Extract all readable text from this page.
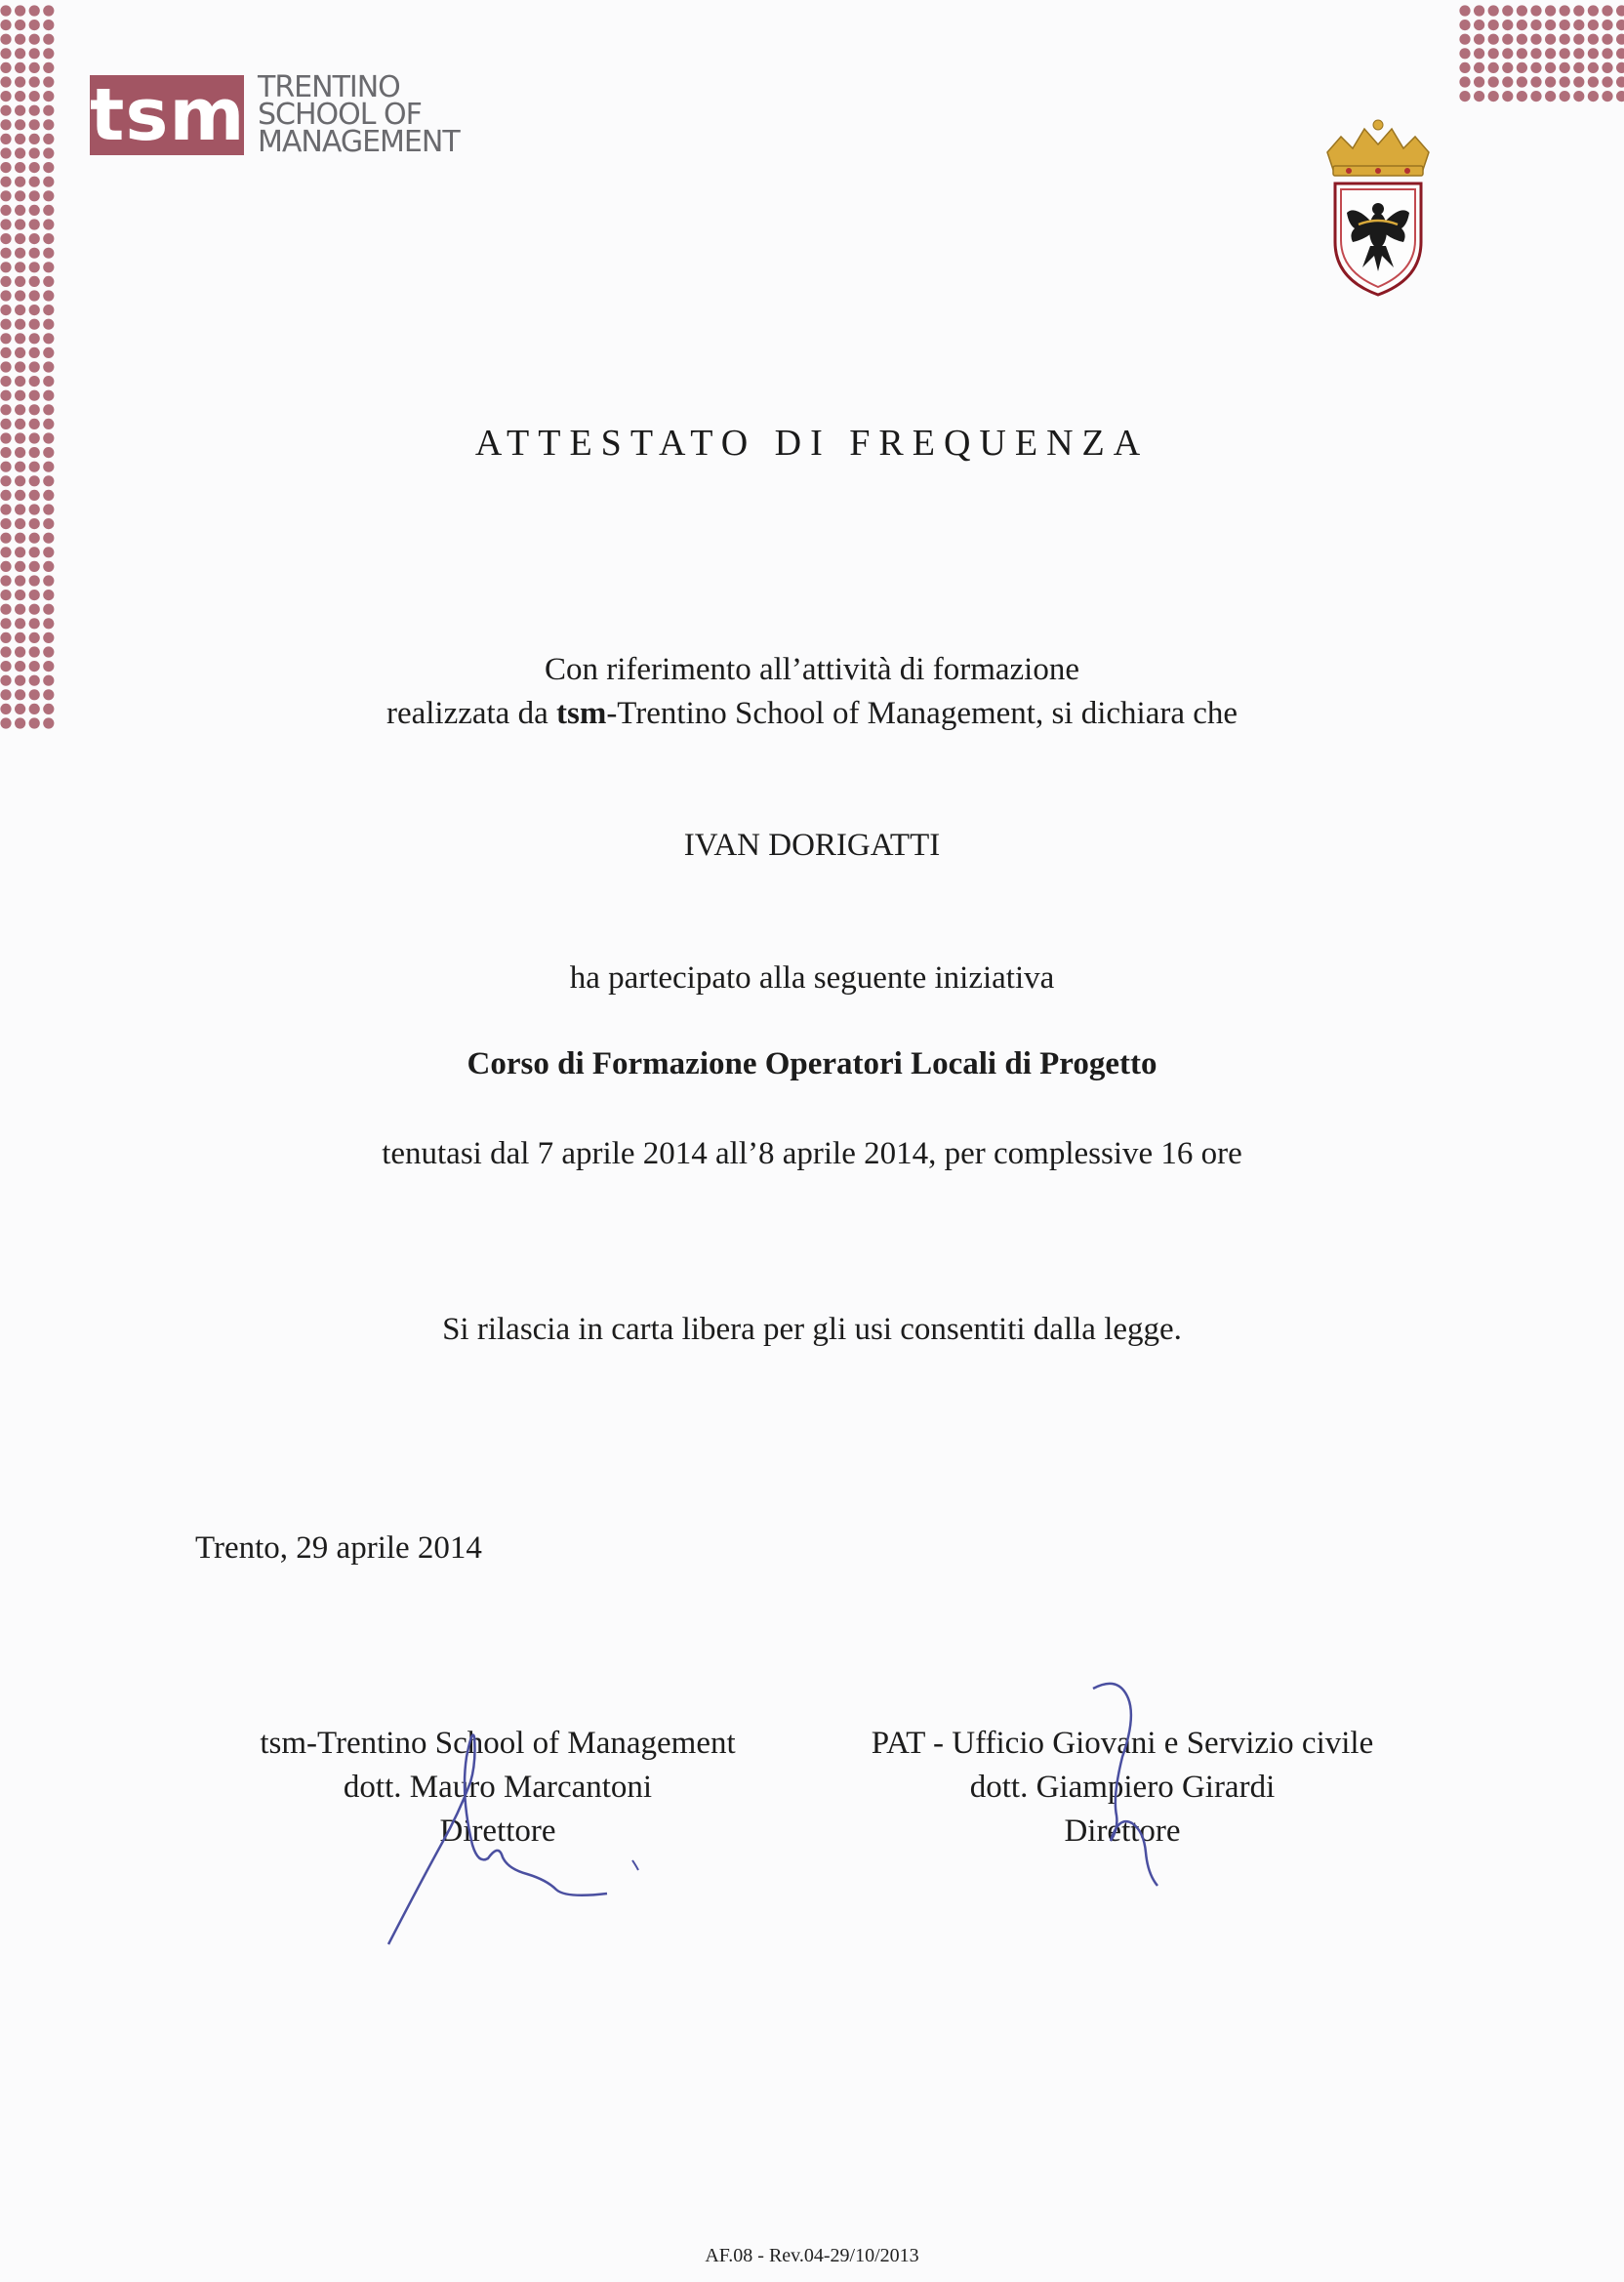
tsm TRENTINO
SCHOOL OF
MANAGEMENT
ATTESTATO DI FREQUENZA
Con riferimento all’attività di formazione
realizzata da tsm-Trentino School of Management, si dichiara che
IVAN DORIGATTI
ha partecipato alla seguente iniziativa
Corso di Formazione Operatori Locali di Progetto
tenutasi dal 7 aprile 2014 all’8 aprile 2014, per complessive 16 ore
Si rilascia in carta libera per gli usi consentiti dalla legge.
Trento, 29 aprile 2014
tsm-Trentino School of Management
dott. Mauro Marcantoni
Direttore
PAT - Ufficio Giovani e Servizio civile
dott. Giampiero Girardi
Direttore
AF.08 - Rev.04-29/10/2013
